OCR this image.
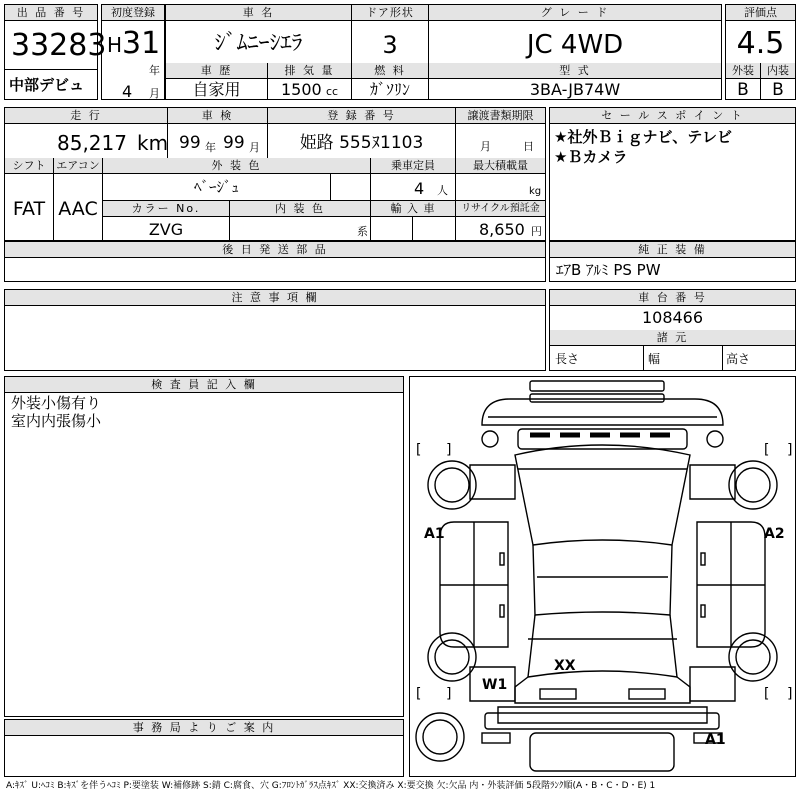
出 品 番 号
33283
中部デビュ
初度登録
H 31
年
4 月
車 名	ドア形状	グ レ ー ド
ｼﾞﾑﾆｰｼｴﾗ	3	JC 4WD
車 歴	排 気 量	燃 料	型 式
自家用	1500 cc	ｶﾞｿﾘﾝ	3BA-JB74W
評価点
4.5
外装	内装
B	B
走 行	車 検	登 録 番 号	譲渡書類期限
85,217 km 99 年 99 月	姫路 555ﾇ1103	月	日
シフト エアコン	外 装 色	乗車定員	最大積載量
FAT AAC
ﾍﾞｰｼﾞｭ	4 人	kg
カラー No.	内 装 色	輸 入 車	リサイクル預託金
ZVG	系	8,650 円
後 日 発 送 部 品
セ ー ル ス ポ イ ン ト
★社外Ｂｉｇナビ、テレビ
★Ｂカメラ
純 正 装 備
ｴｱB ｱﾙﾐ PS PW
注 意 事 項 欄	車 台 番 号
108466
諸 元
長さ	幅	高さ
検 査 員 記 入 欄
外装小傷有り
室内内張傷小
事 務 局 よ り ご 案 内
[ ]	[ ]
[ ]	[ ]
A1	A2
XX
W1
A1
A:ｷｽﾞ U:ﾍｺﾐ B:ｷｽﾞを伴うﾍｺﾐ P:要塗装 W:補修跡 S:錆 C:腐食、穴 G:ﾌﾛﾝﾄｶﾞﾗｽ点ｷｽﾞ XX:交換済み X:要交換 欠:欠品 内・外装評価 5段階ﾗﾝｸ順(A・B・C・D・E) 1
